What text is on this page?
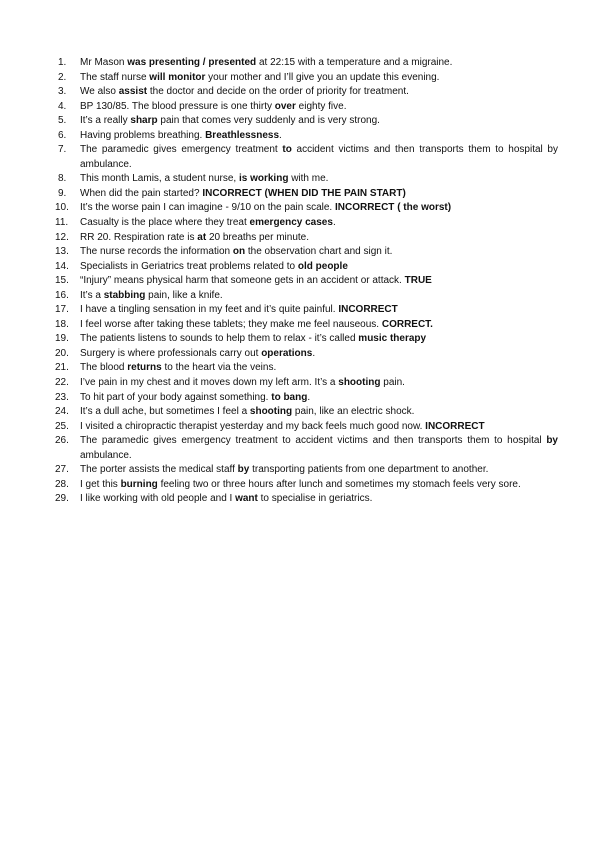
1.	Mr Mason was presenting / presented at 22:15 with a temperature and a migraine.
2.	The staff nurse will monitor your mother and I’ll give you an update this evening.
3.	We also assist the doctor and decide on the order of priority for treatment.
4.	BP 130/85. The blood pressure is one thirty over eighty five.
5.	It’s a really sharp pain that comes very suddenly and is very strong.
6.	Having problems breathing. Breathlessness.
7.	The paramedic gives emergency treatment to accident victims and then transports them to hospital by ambulance.
8.	This month Lamis, a student nurse, is working with me.
9.	When did the pain started? INCORRECT (WHEN DID THE PAIN START)
10.	It’s the worse pain I can imagine - 9/10 on the pain scale. INCORRECT ( the worst)
11.	Casualty is the place where they treat emergency cases.
12.	RR 20. Respiration rate is at 20 breaths per minute.
13.	The nurse records the information on the observation chart and sign it.
14.	Specialists in Geriatrics treat problems related to old people
15.	“Injury” means physical harm that someone gets in an accident or attack. TRUE
16.	It’s a stabbing pain, like a knife.
17.	I have a tingling sensation in my feet and it’s quite painful. INCORRECT
18.	I feel worse after taking these tablets; they make me feel nauseous. CORRECT.
19.	The patients listens to sounds to help them to relax - it’s called music therapy
20.	Surgery is where professionals carry out operations.
21.	The blood returns to the heart via the veins.
22.	I’ve pain in my chest and it moves down my left arm. It’s a shooting pain.
23.	To hit part of your body against something. to bang.
24.	It’s a dull ache, but sometimes I feel a shooting pain, like an electric shock.
25.	I visited a chiropractic therapist yesterday and my back feels much good now. INCORRECT
26.	The paramedic gives emergency treatment to accident victims and then transports them to hospital by ambulance.
27.	The porter assists the medical staff by transporting patients from one department to another.
28.	I get this burning feeling two or three hours after lunch and sometimes my stomach feels very sore.
29.	I like working with old people and I want to specialise in geriatrics.
